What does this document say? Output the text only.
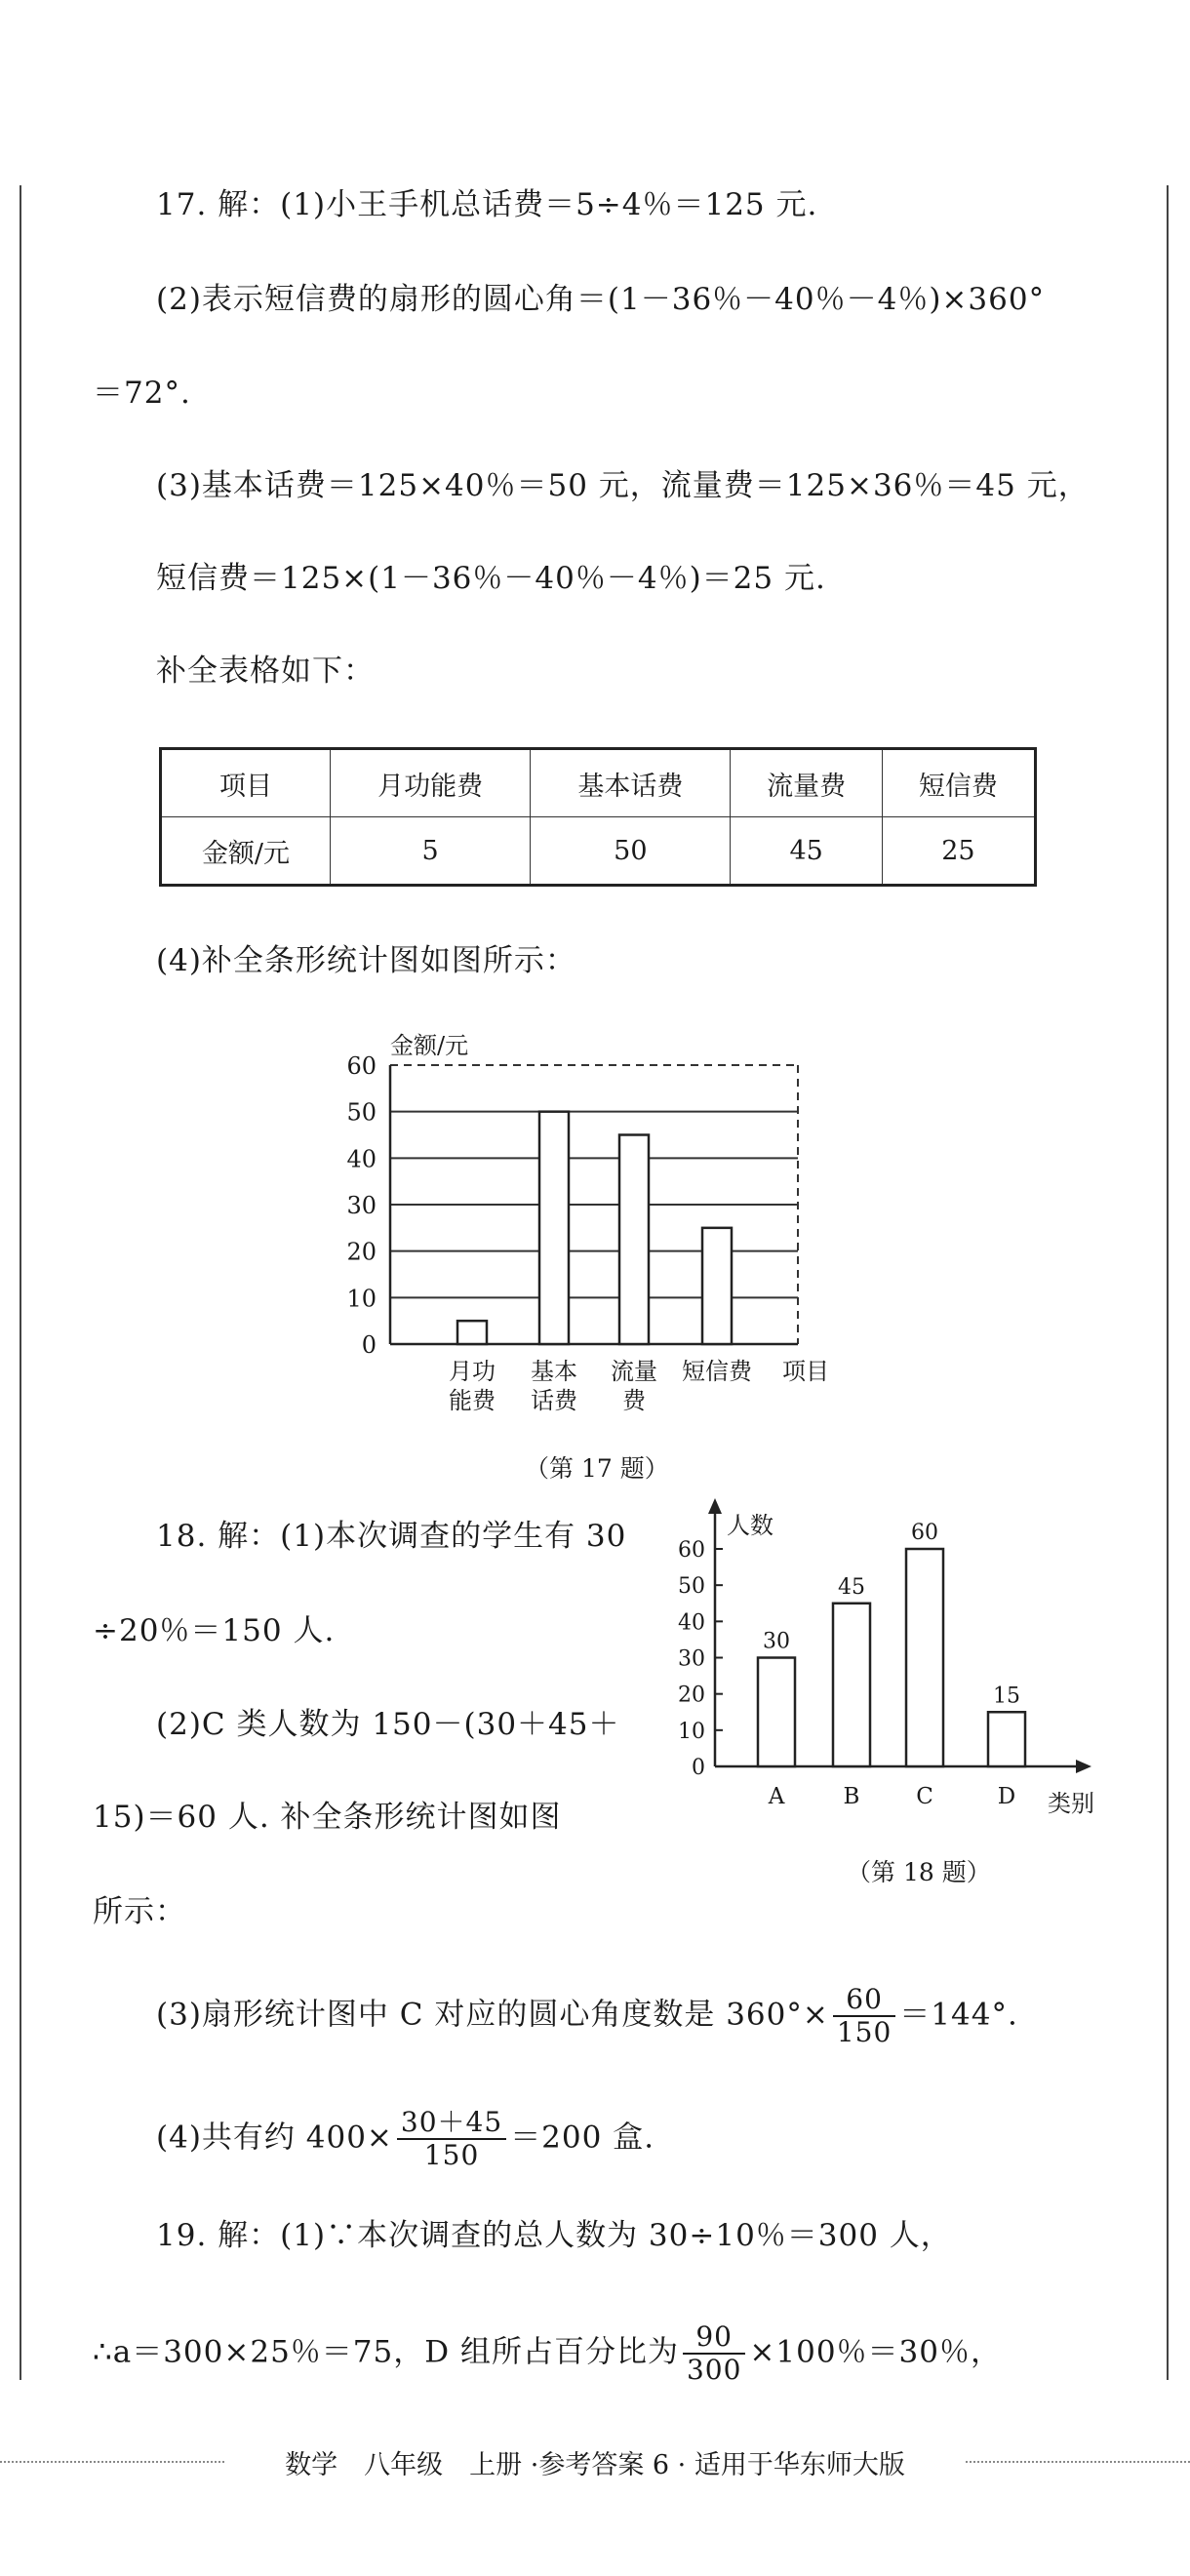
17. 解：(1)小王手机总话费＝5÷4％＝125 元.
(2)表示短信费的扇形的圆心角＝(1－36％－40％－4％)×360°
＝72°.
(3)基本话费＝125×40％＝50 元，流量费＝125×36％＝45 元，
短信费＝125×(1－36％－40％－4％)＝25 元.
补全表格如下：
项目	月功能费	基本话费	流量费	短信费
金额/元	5	50	45	25
(4)补全条形统计图如图所示：
0
10
20
30
40
50
60
金额/元
月功
能费
基本
话费
流量
费
短信费 项目
0
10
20
30
40
50
60
人数
30
A
45
B
60
C
15
D 类别
（第 17 题）
18. 解：(1)本次调查的学生有 30
÷20％＝150 人.
(2)C 类人数为 150－(30＋45＋
15)＝60 人. 补全条形统计图如图
所示：
（第 18 题）
(3)扇形统计图中 C 对应的圆心角度数是 $360^\circ\times \frac{60}{150} =144^\circ$.
(4)共有约 $400\times \frac{30+45}{150} =200$ 盒.
19. 解：(1)∵本次调查的总人数为 30÷10％＝300 人，
∴a＝300×25％＝75，D 组所占百分比为 $\frac{90}{300} \times 100$％＝30％，
数学　八年级　上册 ·参考答案 6 · 适用于华东师大版
